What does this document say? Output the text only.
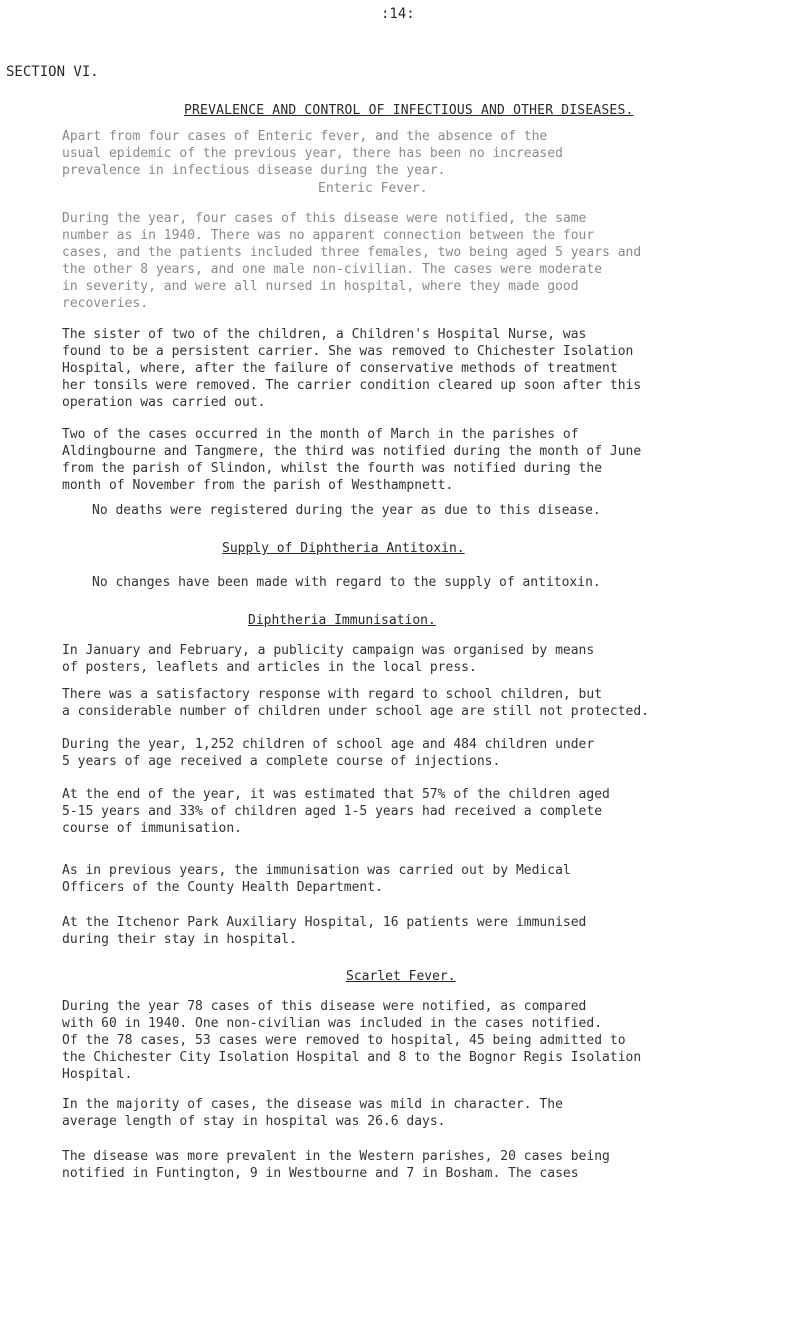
:14:
SECTION VI.
PREVALENCE AND CONTROL OF INFECTIOUS AND OTHER DISEASES.

Apart from four cases of Enteric fever, and the absence of the
usual epidemic of the previous year, there has been no increased
prevalence in infectious disease during the year.

Enteric Fever.

During the year, four cases of this disease were notified, the same
number as in 1940. There was no apparent connection between the four
cases, and the patients included three females, two being aged 5 years and
the other 8 years, and one male non-civilian. The cases were moderate
in severity, and were all nursed in hospital, where they made good
recoveries.

The sister of two of the children, a Children's Hospital Nurse, was
found to be a persistent carrier. She was removed to Chichester Isolation
Hospital, where, after the failure of conservative methods of treatment
her tonsils were removed. The carrier condition cleared up soon after this
operation was carried out.

Two of the cases occurred in the month of March in the parishes of
Aldingbourne and Tangmere, the third was notified during the month of June
from the parish of Slindon, whilst the fourth was notified during the
month of November from the parish of Westhampnett.

No deaths were registered during the year as due to this disease.

Supply of Diphtheria Antitoxin.

No changes have been made with regard to the supply of antitoxin.

Diphtheria Immunisation.

In January and February, a publicity campaign was organised by means
of posters, leaflets and articles in the local press.

There was a satisfactory response with regard to school children, but
a considerable number of children under school age are still not protected.

During the year, 1,252 children of school age and 484 children under
5 years of age received a complete course of injections.

At the end of the year, it was estimated that 57% of the children aged
5-15 years and 33% of children aged 1-5 years had received a complete
course of immunisation.

As in previous years, the immunisation was carried out by Medical
Officers of the County Health Department.

At the Itchenor Park Auxiliary Hospital, 16 patients were immunised
during their stay in hospital.

Scarlet Fever.

During the year 78 cases of this disease were notified, as compared
with 60 in 1940. One non-civilian was included in the cases notified.
Of the 78 cases, 53 cases were removed to hospital, 45 being admitted to
the Chichester City Isolation Hospital and 8 to the Bognor Regis Isolation
Hospital.

In the majority of cases, the disease was mild in character. The
average length of stay in hospital was 26.6 days.

The disease was more prevalent in the Western parishes, 20 cases being
notified in Funtington, 9 in Westbourne and 7 in Bosham. The cases
